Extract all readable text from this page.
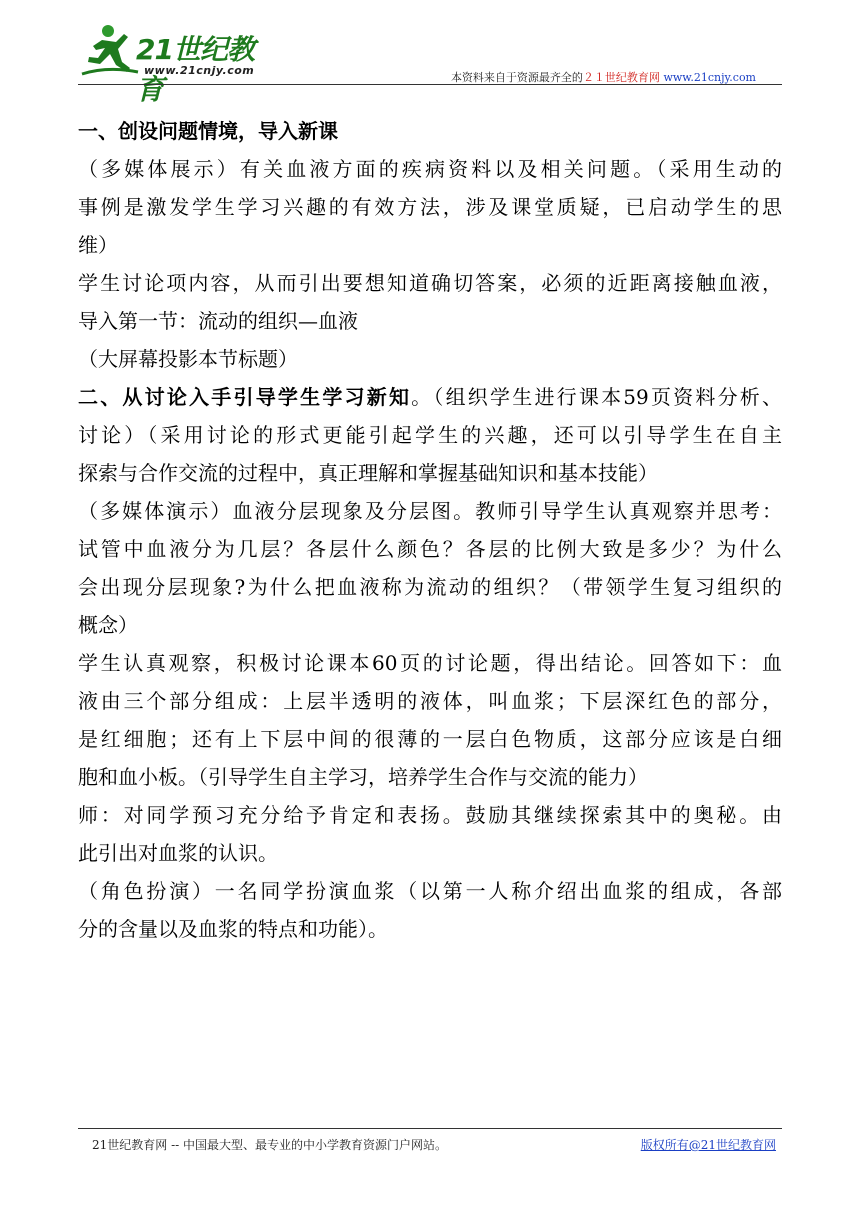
21世纪教育
www.21cnjy.com
本资料来自于资源最齐全的２１世纪教育网 www.21cnjy.com
一、创设问题情境，导入新课
（多媒体展示）有关血液方面的疾病资料以及相关问题。（采用生动的
事例是激发学生学习兴趣的有效方法，涉及课堂质疑，已启动学生的思
维）
学生讨论项内容，从而引出要想知道确切答案，必须的近距离接触血液，
导入第一节：流动的组织—血液
（大屏幕投影本节标题）
二、从讨论入手引导学生学习新知。（组织学生进行课本59页资料分析、
讨论）（采用讨论的形式更能引起学生的兴趣，还可以引导学生在自主
探索与合作交流的过程中，真正理解和掌握基础知识和基本技能）
（多媒体演示）血液分层现象及分层图。教师引导学生认真观察并思考：
试管中血液分为几层？各层什么颜色？各层的比例大致是多少？为什么
会出现分层现象?为什么把血液称为流动的组织？（带领学生复习组织的
概念）
学生认真观察，积极讨论课本60页的讨论题，得出结论。回答如下：血
液由三个部分组成：上层半透明的液体，叫血浆；下层深红色的部分，
是红细胞；还有上下层中间的很薄的一层白色物质，这部分应该是白细
胞和血小板。（引导学生自主学习，培养学生合作与交流的能力）
师：对同学预习充分给予肯定和表扬。鼓励其继续探索其中的奥秘。由
此引出对血浆的认识。
（角色扮演）一名同学扮演血浆（以第一人称介绍出血浆的组成，各部
分的含量以及血浆的特点和功能）。
21世纪教育网 -- 中国最大型、最专业的中小学教育资源门户网站。	版权所有@21世纪教育网
